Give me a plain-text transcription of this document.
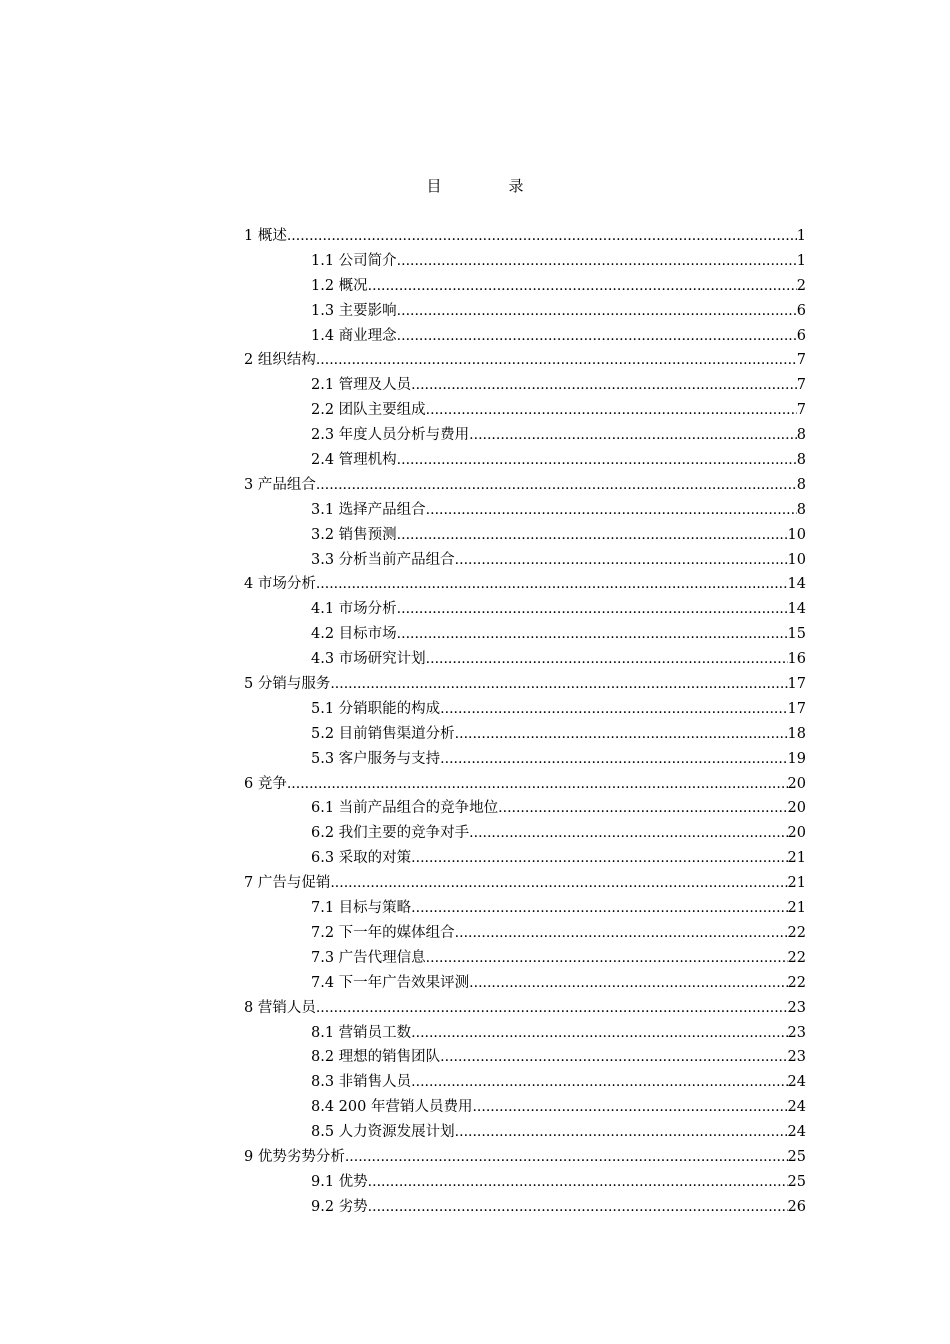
目　录
1 概述 .....	1
1.1 公司简介 .....	1
1.2 概况 .....	2
1.3 主要影响 .....	6
1.4 商业理念 .....	6
2 组织结构 .....	7
2.1 管理及人员 .....	7
2.2 团队主要组成 .....	7
2.3 年度人员分析与费用 .....	8
2.4 管理机构 .....	8
3 产品组合 .....	8
3.1 选择产品组合 .....	8
3.2 销售预测 .....	10
3.3 分析当前产品组合 .....	10
4 市场分析 .....	14
4.1 市场分析 .....	14
4.2 目标市场 .....	15
4.3 市场研究计划 .....	16
5 分销与服务 .....	17
5.1 分销职能的构成 .....	17
5.2 目前销售渠道分析 .....	18
5.3 客户服务与支持 .....	19
6 竞争 .....	20
6.1 当前产品组合的竞争地位 .....	20
6.2 我们主要的竞争对手 .....	20
6.3 采取的对策 .....	21
7 广告与促销 .....	21
7.1 目标与策略 .....	21
7.2 下一年的媒体组合 .....	22
7.3 广告代理信息 .....	22
7.4 下一年广告效果评测 .....	22
8 营销人员 .....	23
8.1 营销员工数 .....	23
8.2 理想的销售团队 .....	23
8.3 非销售人员 .....	24
8.4 200 年营销人员费用 .....	24
8.5 人力资源发展计划 .....	24
9 优势劣势分析 .....	25
9.1 优势 .....	25
9.2 劣势 .....	26
